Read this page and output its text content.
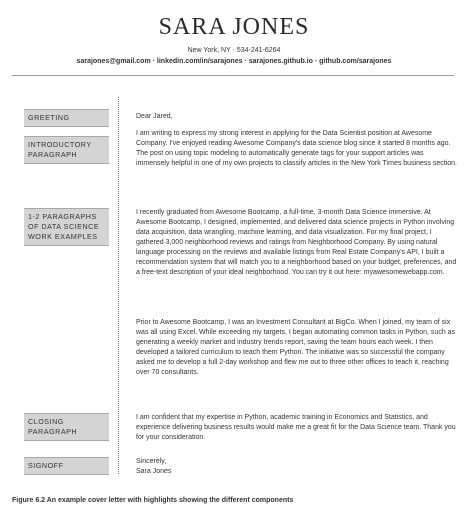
SARA JONES
New York, NY · 534-241-6264
sarajones@gmail.com · linkedin.com/in/sarajones · sarajones.github.io · github.com/sarajones
GREETING	Dear Jared,
INTRODUCTORY PARAGRAPH
I am writing to express my strong interest in applying for the Data Scientist position at Awesome Company. I've enjoyed reading Awesome Company's data science blog since it started 8 months ago. The post on using topic modeling to automatically generate tags for your support articles was immensely helpful in one of my own projects to classify articles in the New York Times business section.
1-2 PARAGRAPHS OF DATA SCIENCE WORK EXAMPLES
I recently graduated from Awesome Bootcamp, a full-time, 3-month Data Science immersive. At Awesome Bootcamp, I designed, implemented, and delivered data science projects in Python involving data acquisition, data wrangling, machine learning, and data visualization. For my final project, I gathered 3,000 neighborhood reviews and ratings from Neighborhood Company. By using natural language processing on the reviews and available listings from Real Estate Company's API, I built a recommendation system that will match you to a neighborhood based on your budget, preferences, and a free-text description of your ideal neighborhood. You can try it out here: myawesomewebapp.com.
Prior to Awesome Bootcamp, I was an Investment Consultant at BigCo. When I joined, my team of six was all using Excel. While exceeding my targets, I began automating common tasks in Python, such as generating a weekly market and industry trends report, saving the team hours each week. I then developed a tailored curriculum to teach them Python. The initiative was so successful the company asked me to develop a full 2-day workshop and flew me out to three other offices to teach it, reaching over 70 consultants.
CLOSING PARAGRAPH
I am confident that my expertise in Python, academic training in Economics and Statistics, and experience delivering business results would make me a great fit for the Data Science team. Thank you for your consideration.
SIGNOFF	Sincerely,
Sara Jones
Figure 6.2 An example cover letter with highlights showing the different components
